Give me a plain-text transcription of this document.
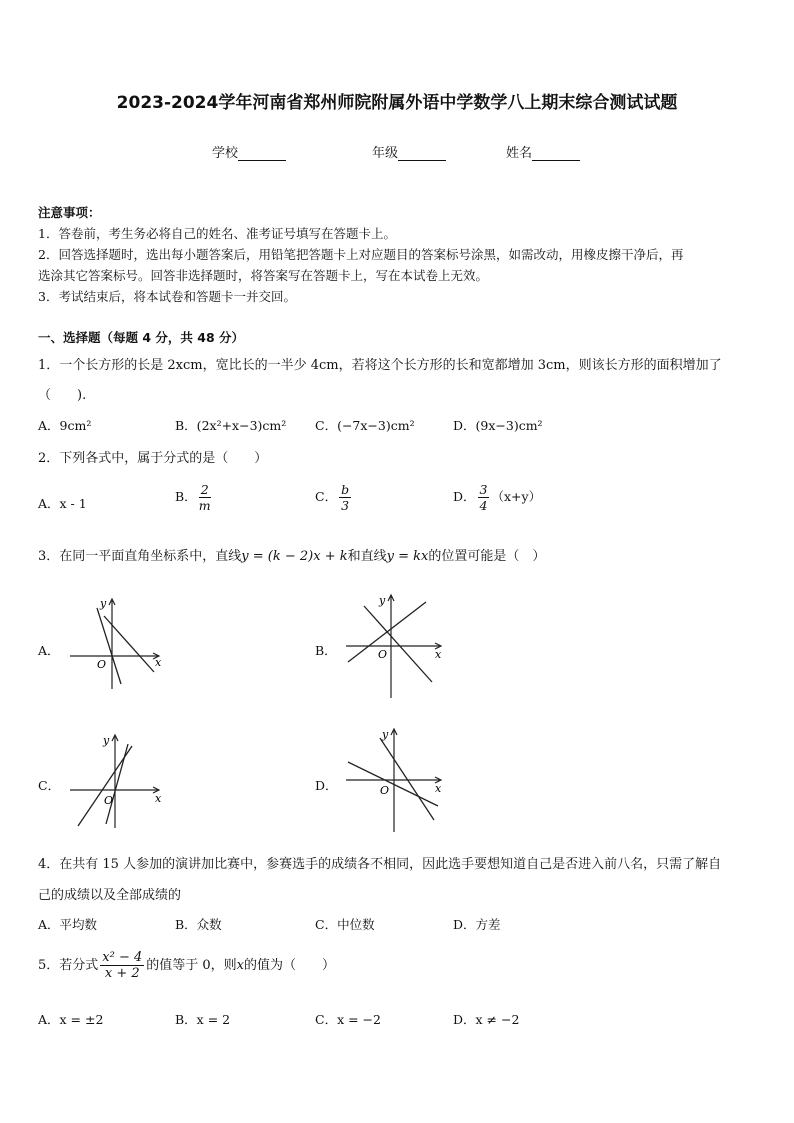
2023-2024学年河南省郑州师院附属外语中学数学八上期末综合测试试题
学校	年级	姓名
注意事项：
1．答卷前，考生务必将自己的姓名、准考证号填写在答题卡上。
2．回答选择题时，选出每小题答案后，用铅笔把答题卡上对应题目的答案标号涂黑，如需改动，用橡皮擦干净后，再
选涂其它答案标号。回答非选择题时，将答案写在答题卡上，写在本试卷上无效。
3．考试结束后，将本试卷和答题卡一并交回。
一、选择题（每题 4 分，共 48 分）
1．一个长方形的长是 2xcm，宽比长的一半少 4cm，若将这个长方形的长和宽都增加 3cm，则该长方形的面积增加了
（　　).
A．9cm²	B．(2x²+x−3)cm² C．(−7x−3)cm²	D．(9x−3)cm²
2．下列各式中，属于分式的是（　　）
A．x - 1	B． $\frac{2}{m}$	C． $\frac{b}{3}$	D． $\frac{3}{4} (x+y)$
3．在同一平面直角坐标系中，直线y = (k − 2)x + k和直线y = kx的位置可能是（　）
A．	B．
C．	D．
x
y
O
x
y
O
x
y
O
x
y
O
4．在共有 15 人参加的演讲加比赛中，参赛选手的成绩各不相同，因此选手要想知道自己是否进入前八名，只需了解自
己的成绩以及全部成绩的
A．平均数	B．众数	C．中位数	D．方差
5．若分式 $\frac{\text{x² − 4}}{x + 2}$ 的值等于 0，则x的值为（　　）
A．x = ±2	B．x = 2	C．x = −2	D．x ≠ −2
